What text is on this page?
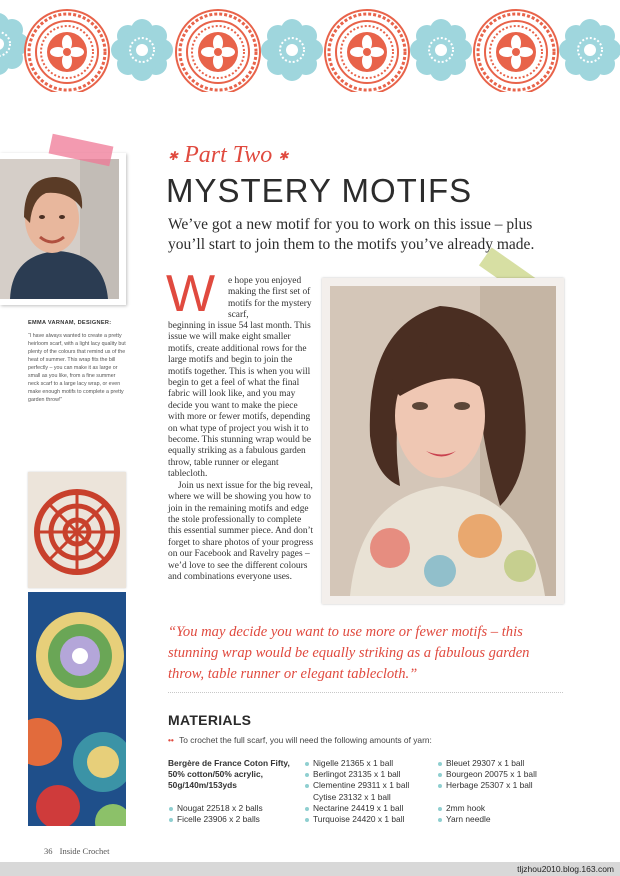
EMMA VARNAM, DESIGNER:
“I have always wanted to create a pretty heirloom scarf, with a light lacy quality but plenty of the colours that remind us of the heat of summer. This wrap fits the bill perfectly – you can make it as large or small as you like, from a fine summer neck scarf to a large lacy wrap, or even make enough motifs to complete a pretty garden throw!”
✱ Part Two ✱
MYSTERY MOTIFS
We’ve got a new motif for you to work on this issue – plus you’ll start to join them to the motifs you’ve already made.
W e hope you enjoyed making the first set of motifs for the mystery scarf,

beginning in issue 54 last month. This issue we will make eight smaller motifs, create additional rows for the large motifs and begin to join the motifs together. This is when you will begin to get a feel of what the final fabric will look like, and you may decide you want to make the piece with more or fewer motifs, depending on what type of project you wish it to become. This stunning wrap would be equally striking as a fabulous garden throw, table runner or elegant tablecloth.

Join us next issue for the big reveal, where we will be showing you how to join in the remaining motifs and edge the stole professionally to complete this essential summer piece. And don’t forget to share photos of your progress on our Facebook and Ravelry pages – we’d love to see the different colours and combinations everyone uses.

“You may decide you want to use more or fewer motifs – this stunning wrap would be equally striking as a fabulous garden throw, table runner or elegant tablecloth.”
MATERIALS
•• To crochet the full scarf, you will need the following amounts of yarn:
Bergère de France Coton Fifty, 50% cotton/50% acrylic, 50g/140m/153yds
Nougat 22518 x 2 balls
Ficelle 23906 x 2 balls
Nigelle 21365 x 1 ball
Berlingot 23135 x 1 ball
Clementine 29311 x 1 ball
Cytise 23132 x 1 ball
Nectarine 24419 x 1 ball
Turquoise 24420 x 1 ball
Bleuet 29307 x 1 ball
Bourgeon 20075 x 1 ball
Herbage 25307 x 1 ball
2mm hook
Yarn needle
36 Inside Crochet
tljzhou2010.blog.163.com
